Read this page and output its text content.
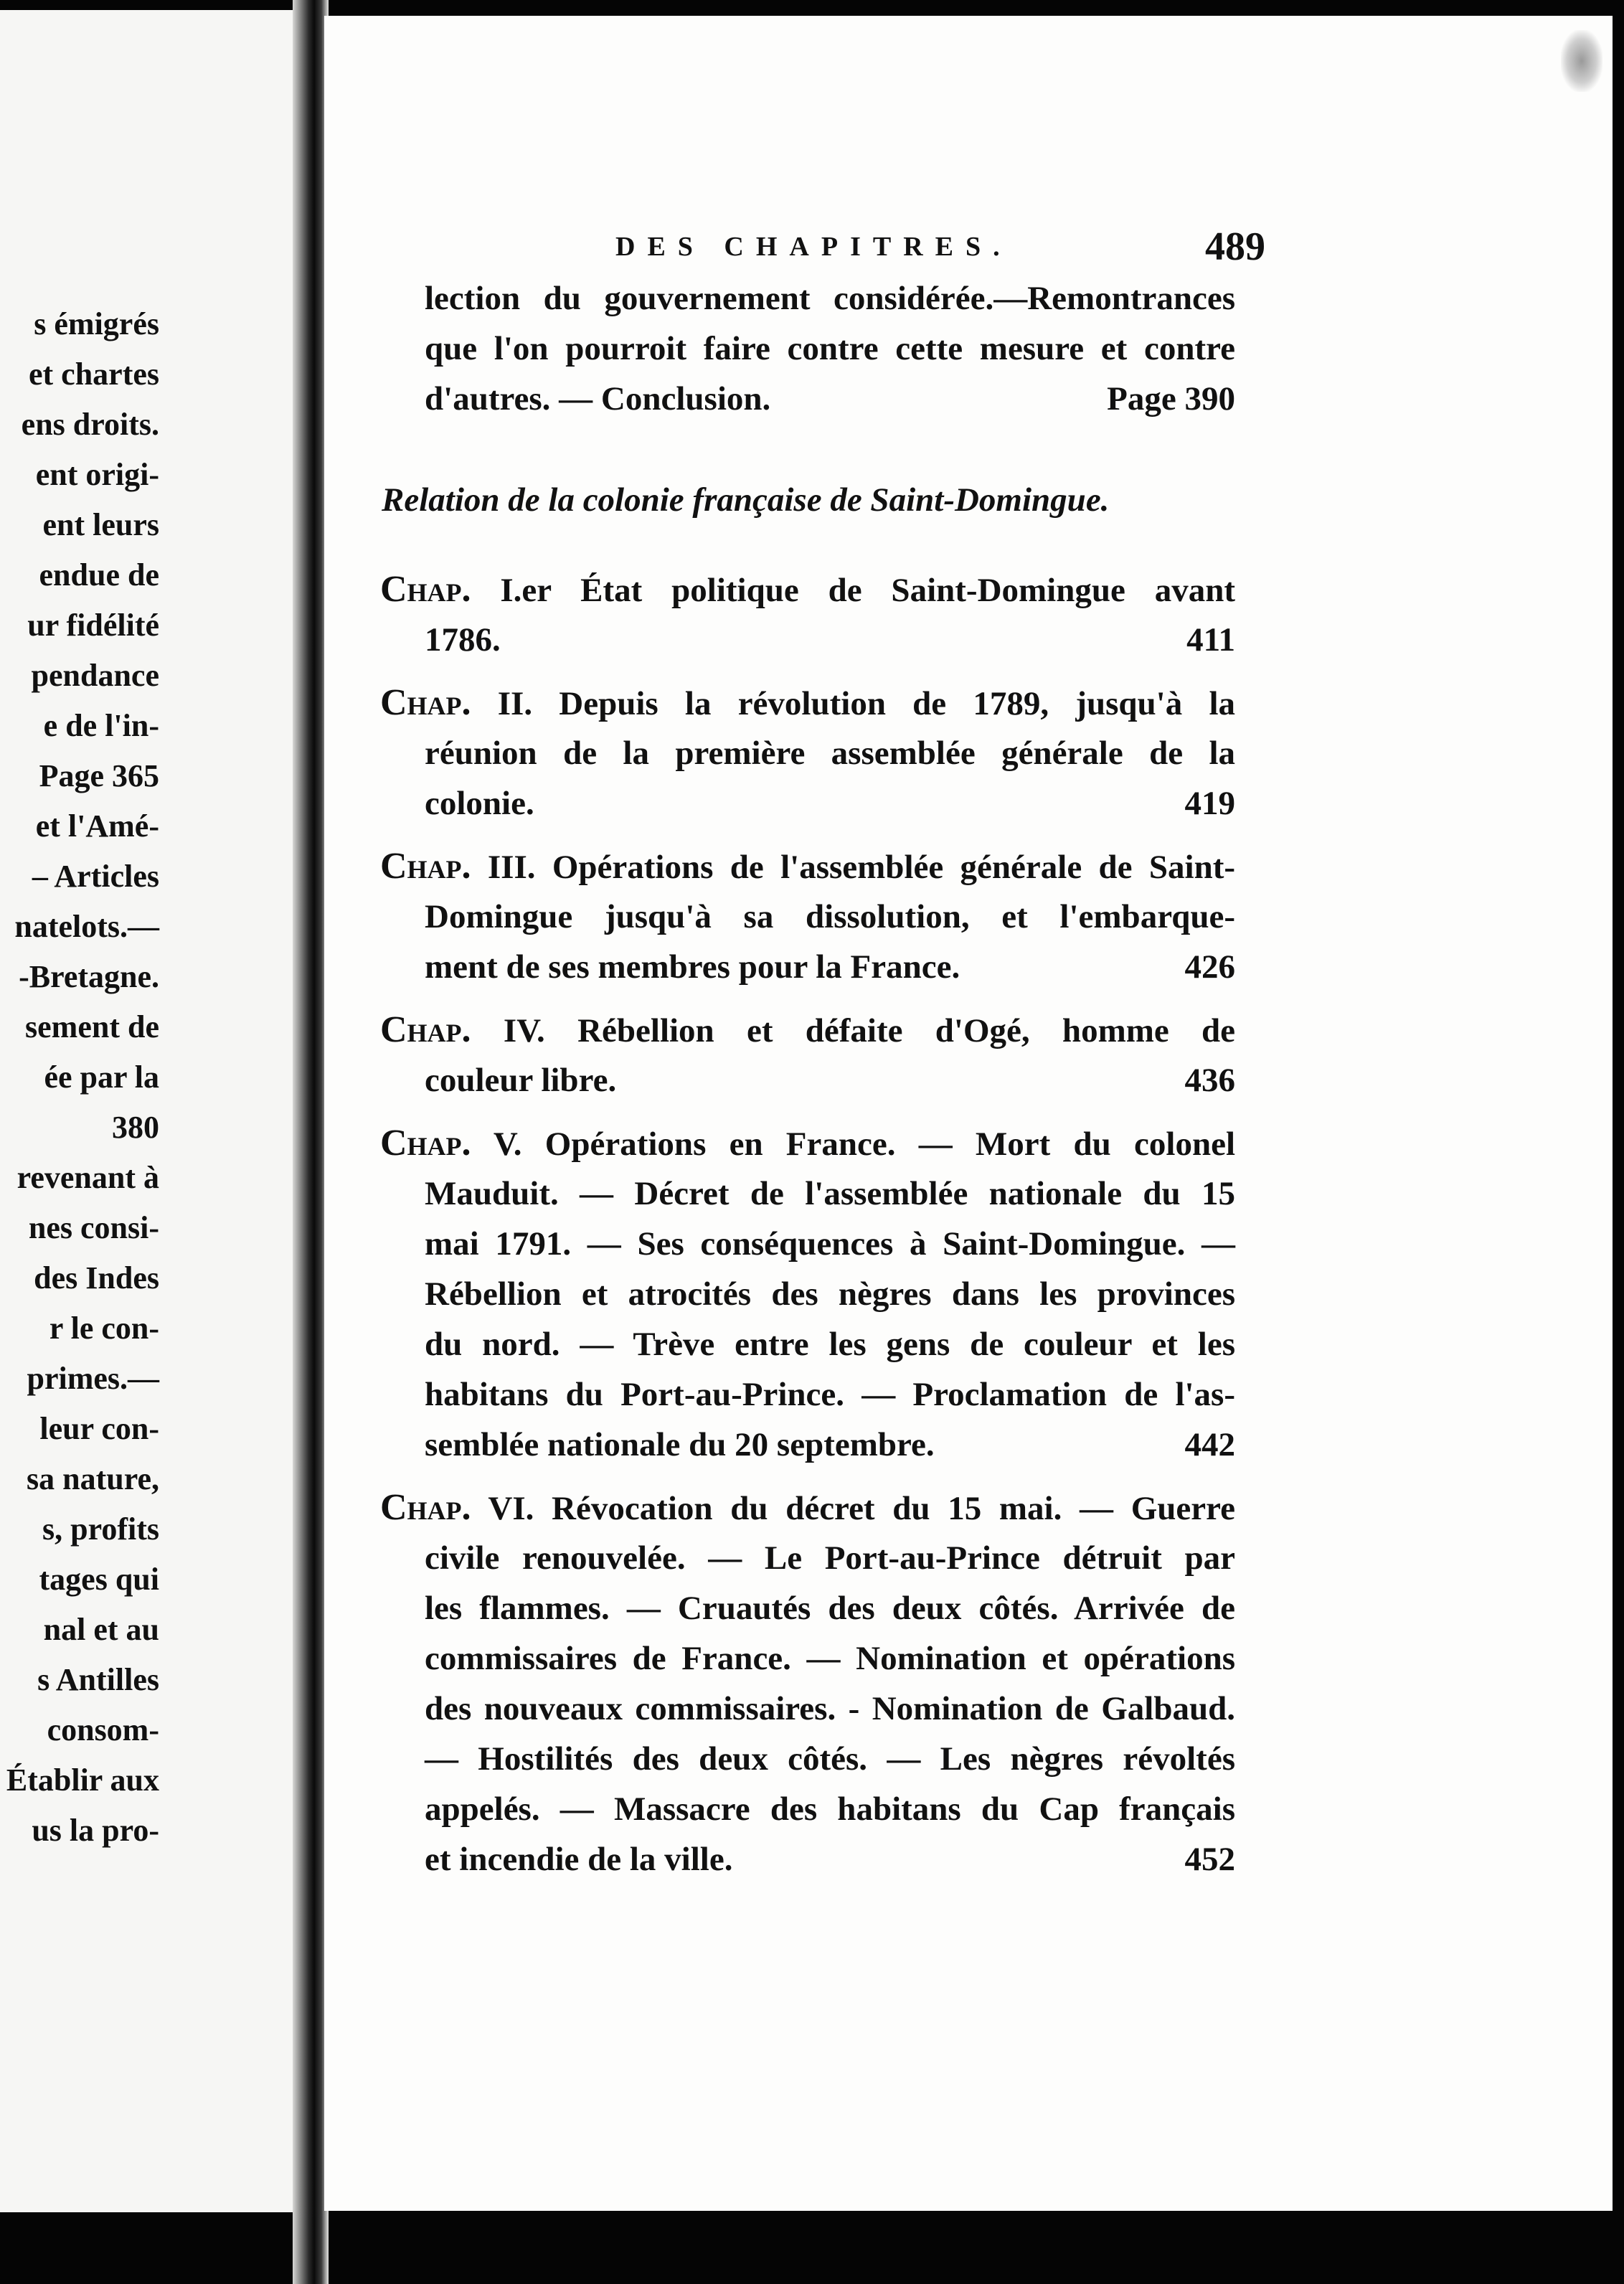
s émigrés
et chartes
ens droits.
ent origi-
ent leurs
endue de
ur fidélité
pendance
e de l'in-
Page 365
et l'Amé-
– Articles
natelots.—
-Bretagne.
sement de
ée par la
380
revenant à
nes consi-
des Indes
r le con-
primes.—
leur con-
sa nature,
s, profits
tages qui
nal et au
s Antilles
consom-
Établir aux
us la pro-
DES CHAPITRES.	489
lection du gouvernement considérée.—Remontrances
que l'on pourroit faire contre cette mesure et contre
d'autres. — Conclusion.	Page 390
Relation de la colonie française de Saint-Domingue.
Chap. I.er État politique de Saint-Domingue avant
1786.	411
Chap. II. Depuis la révolution de 1789, jusqu'à la
réunion de la première assemblée générale de la
colonie.	419
Chap. III. Opérations de l'assemblée générale de Saint-
Domingue jusqu'à sa dissolution, et l'embarque-
ment de ses membres pour la France.	426
Chap. IV. Rébellion et défaite d'Ogé, homme de
couleur libre.	436
Chap. V. Opérations en France. — Mort du colonel
Mauduit. — Décret de l'assemblée nationale du 15
mai 1791. — Ses conséquences à Saint-Domingue. —
Rébellion et atrocités des nègres dans les provinces
du nord. — Trève entre les gens de couleur et les
habitans du Port-au-Prince. — Proclamation de l'as-
semblée nationale du 20 septembre.	442
Chap. VI. Révocation du décret du 15 mai. — Guerre
civile renouvelée. — Le Port-au-Prince détruit par
les flammes. — Cruautés des deux côtés. Arrivée de
commissaires de France. — Nomination et opérations
des nouveaux commissaires. - Nomination de Galbaud.
— Hostilités des deux côtés. — Les nègres révoltés
appelés. — Massacre des habitans du Cap français
et incendie de la ville.	452
